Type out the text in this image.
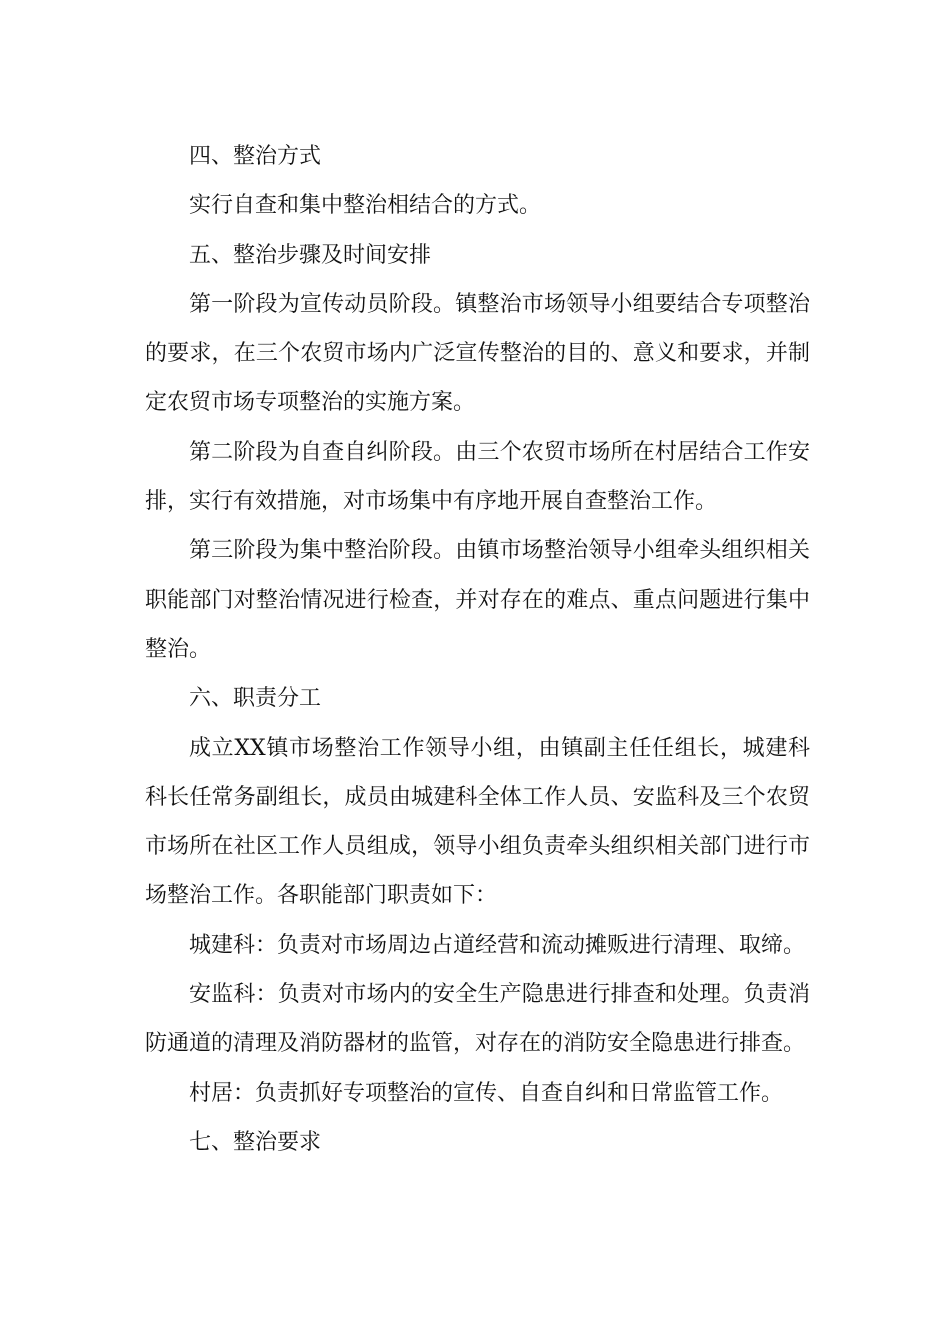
四、整治方式

实行自查和集中整治相结合的方式。

五、整治步骤及时间安排

第一阶段为宣传动员阶段。镇整治市场领导小组要结合专项整治的要求，在三个农贸市场内广泛宣传整治的目的、意义和要求，并制定农贸市场专项整治的实施方案。

第二阶段为自查自纠阶段。由三个农贸市场所在村居结合工作安排，实行有效措施，对市场集中有序地开展自查整治工作。

第三阶段为集中整治阶段。由镇市场整治领导小组牵头组织相关职能部门对整治情况进行检查，并对存在的难点、重点问题进行集中整治。

六、职责分工

成立XX镇市场整治工作领导小组，由镇副主任任组长，城建科科长任常务副组长，成员由城建科全体工作人员、安监科及三个农贸市场所在社区工作人员组成，领导小组负责牵头组织相关部门进行市场整治工作。各职能部门职责如下：

城建科：负责对市场周边占道经营和流动摊贩进行清理、取缔。

安监科：负责对市场内的安全生产隐患进行排查和处理。负责消防通道的清理及消防器材的监管，对存在的消防安全隐患进行排查。

村居：负责抓好专项整治的宣传、自查自纠和日常监管工作。

七、整治要求
